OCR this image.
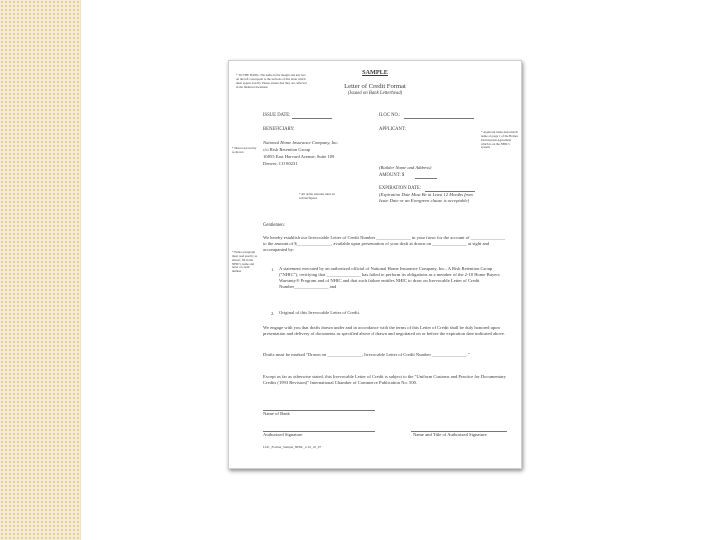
* TO THE BANK: The name in the margin and text box on the left correspond to the sections of this letter which must appear exactly. Please ensure that they are reflected in the finalized document.
SAMPLE
Letter of Credit Format
(Issued on Bank Letterhead)
ISSUE DATE:	ILOC NO.:
BENEFICIARY:	APPLICANT:	* Applicant name must match name on page 1 of the Homes Participation Agreement which is on the NBIC's system.
* Must read exactly as shown
National Home Insurance Company, Inc.
c/o Risk Retention Group
10855 East Harvard Avenue, Suite 109
Denver, CO 80231
(Builder Name and Address)
AMOUNT: $
EXPIRATION DATE:
(Expiration Date Must Be at Least 12 Months from Issue Date or an Evergreen clause is acceptable)
* All dollar amounts must be written/figures
Gentlemen:
We hereby establish our Irrevocable Letter of Credit Number _______________ in your favor for the account of _______________ to the amount of $_______________, available upon presentation of your draft at drawn on _______________ at sight and accompanied by:
* Entire paragraph must read exactly as shown; fill in the NHIC's name and letter of credit number	1. A statement executed by an authorized official of National Home Insurance Company, Inc., A Risk Retention Group ("NHIC"), certifying that _______________ has failed to perform its obligations as a member of the 2-10 Home Buyers Warranty® Program and of NHIC and that such failure entitles NHIC to draw on Irrevocable Letter of Credit Number_______________ and
2. Original of this Irrevocable Letter of Credit.
We engage with you that drafts drawn under and in accordance with the terms of this Letter of Credit shall be duly honored upon presentation and delivery of documents as specified above if drawn and negotiated on or before the expiration date indicated above.
Drafts must be marked "Drawn on _______________, Irrevocable Letter of Credit Number _______________."
Except as far as otherwise stated, this Irrevocable Letter of Credit is subject to the "Uniform Customs and Practice for Documentary Credits (1993 Revision)" International Chamber of Commerce Publication No. 500.
Name of Bank
Authorized Signature	Name and Title of Authorized Signature
LOC_Format_Sample_NHIC_2-10_10_07
